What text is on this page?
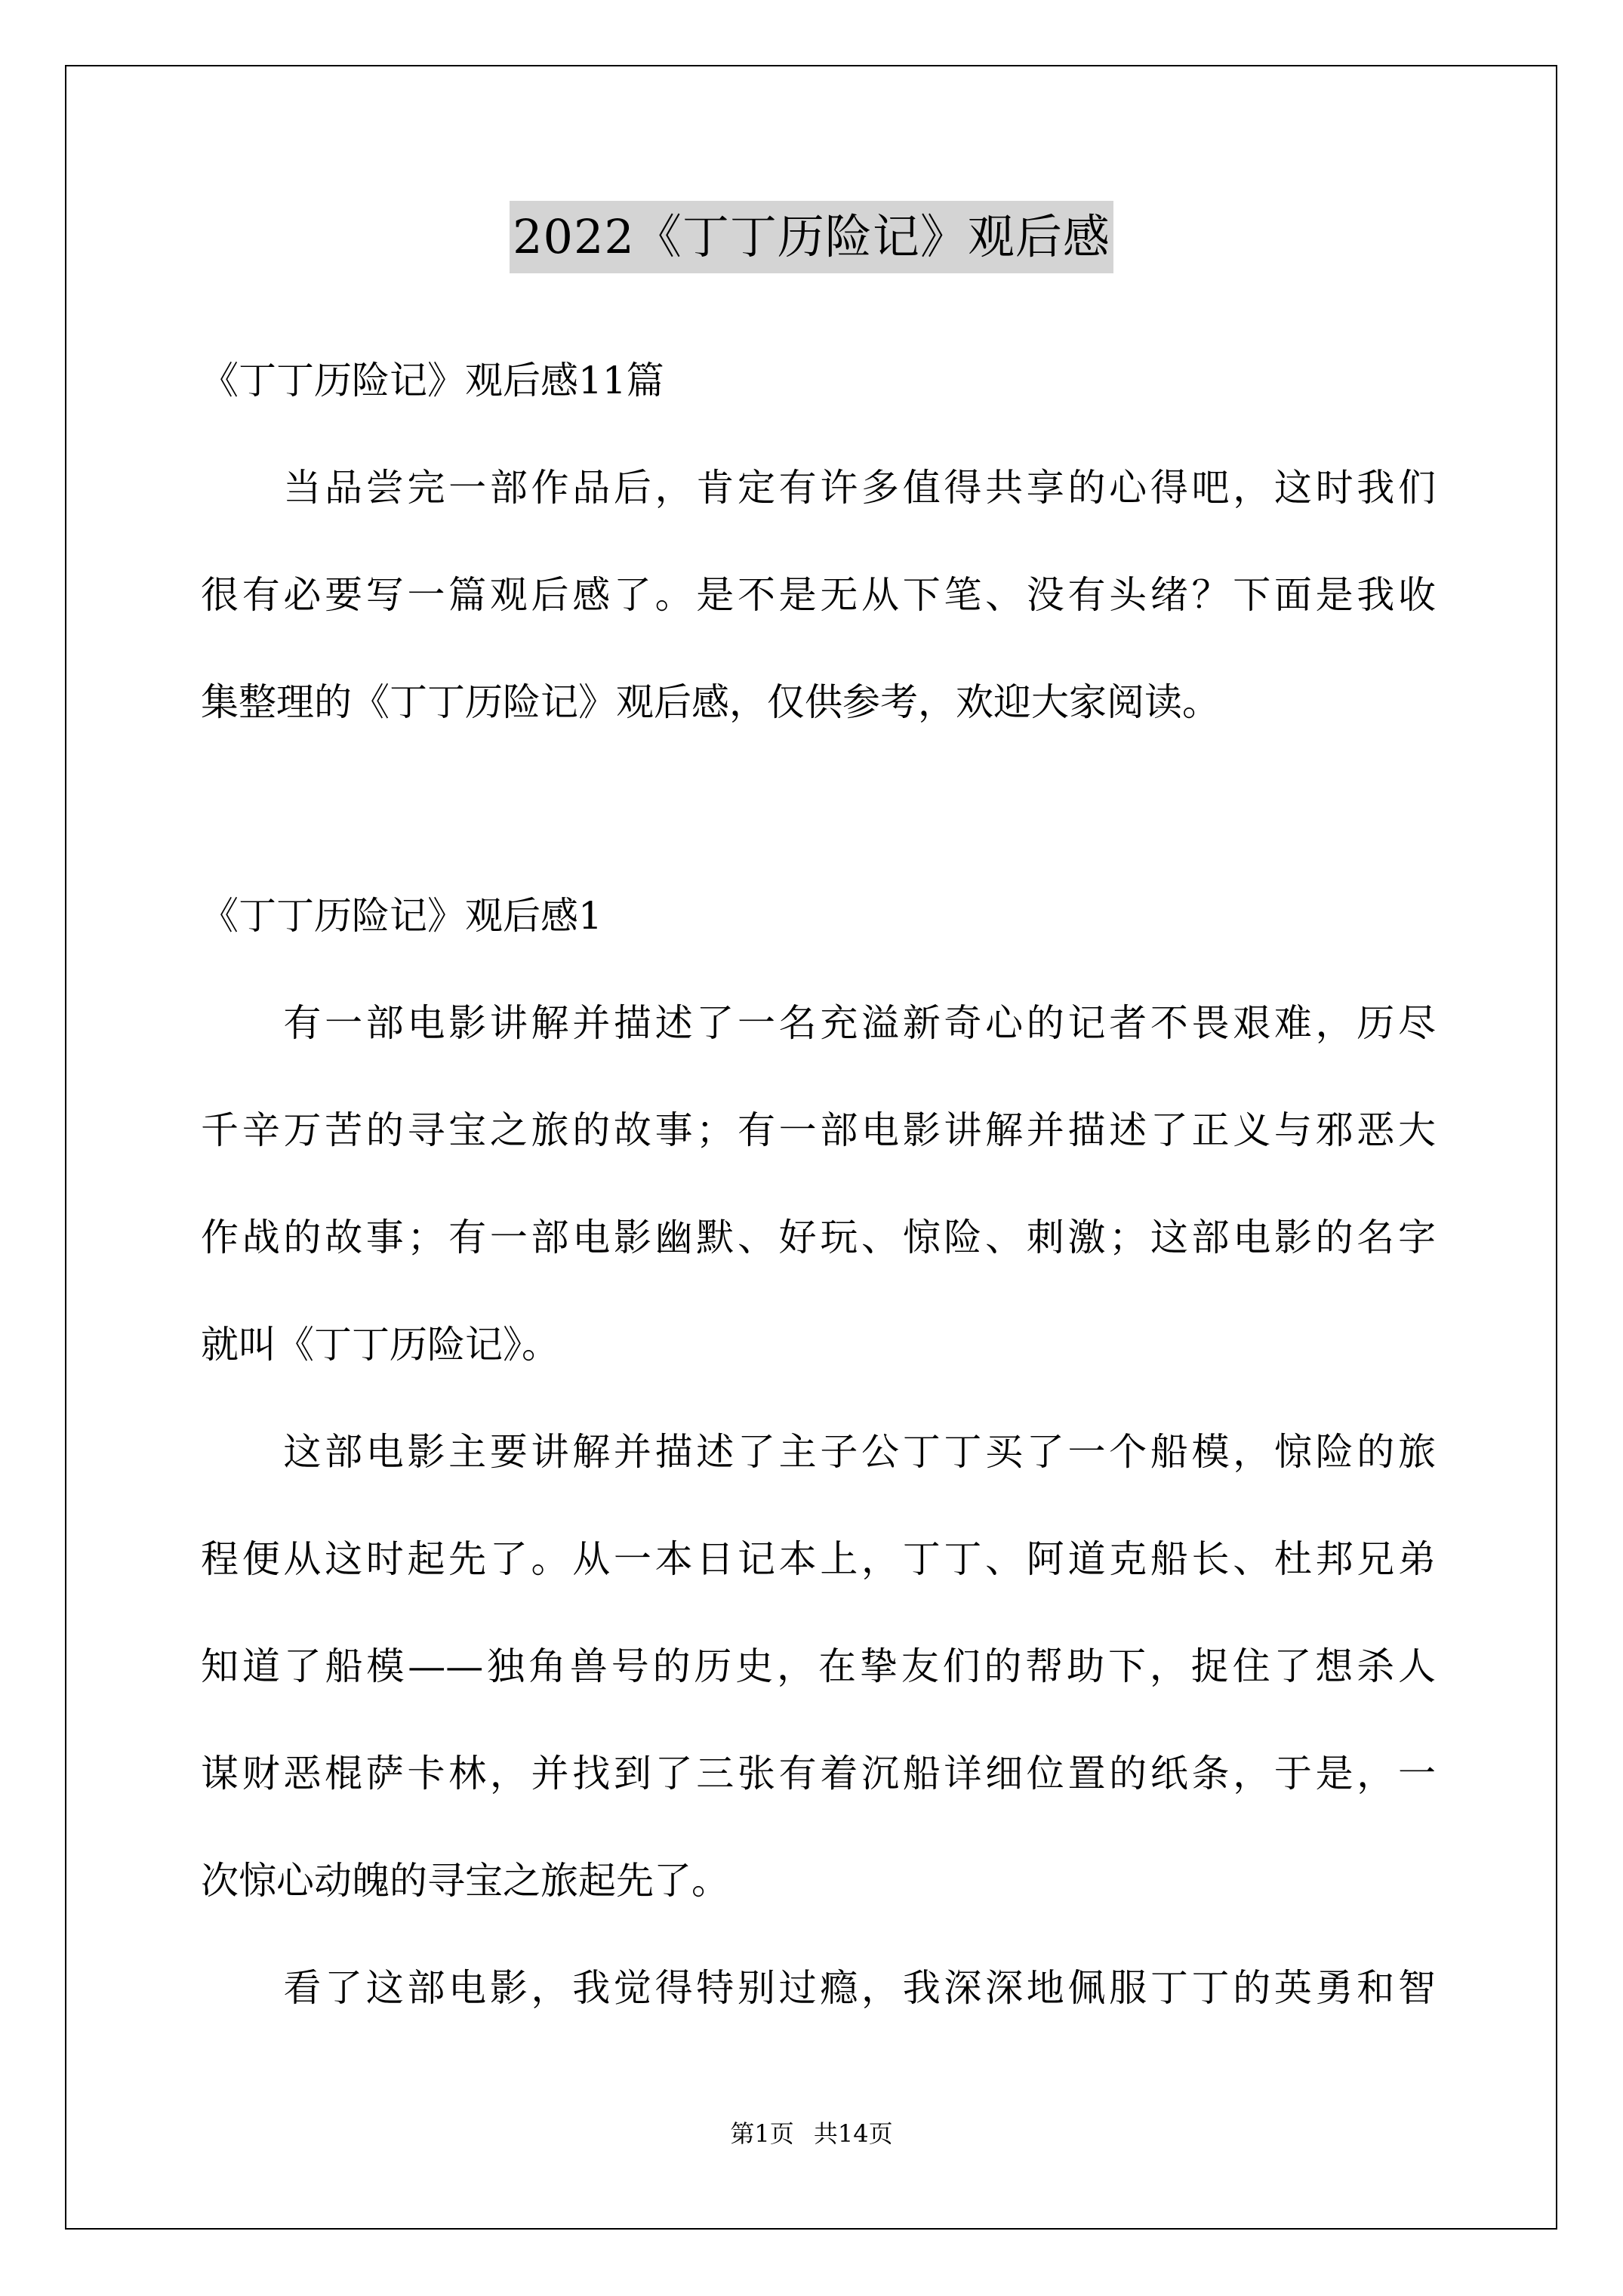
2022《丁丁历险记》观后感
《丁丁历险记》观后感11篇
　　当品尝完一部作品后，肯定有许多值得共享的心得吧，这时我们
很有必要写一篇观后感了。是不是无从下笔、没有头绪？下面是我收
集整理的《丁丁历险记》观后感，仅供参考，欢迎大家阅读。
《丁丁历险记》观后感1
　　有一部电影讲解并描述了一名充溢新奇心的记者不畏艰难，历尽
千辛万苦的寻宝之旅的故事；有一部电影讲解并描述了正义与邪恶大
作战的故事；有一部电影幽默、好玩、惊险、刺激；这部电影的名字
就叫《丁丁历险记》。
　　这部电影主要讲解并描述了主子公丁丁买了一个船模，惊险的旅
程便从这时起先了。从一本日记本上，丁丁、阿道克船长、杜邦兄弟
知道了船模——独角兽号的历史，在挚友们的帮助下，捉住了想杀人
谋财恶棍萨卡林，并找到了三张有着沉船详细位置的纸条，于是，一
次惊心动魄的寻宝之旅起先了。
　　看了这部电影，我觉得特别过瘾，我深深地佩服丁丁的英勇和智
第1页 共14页
